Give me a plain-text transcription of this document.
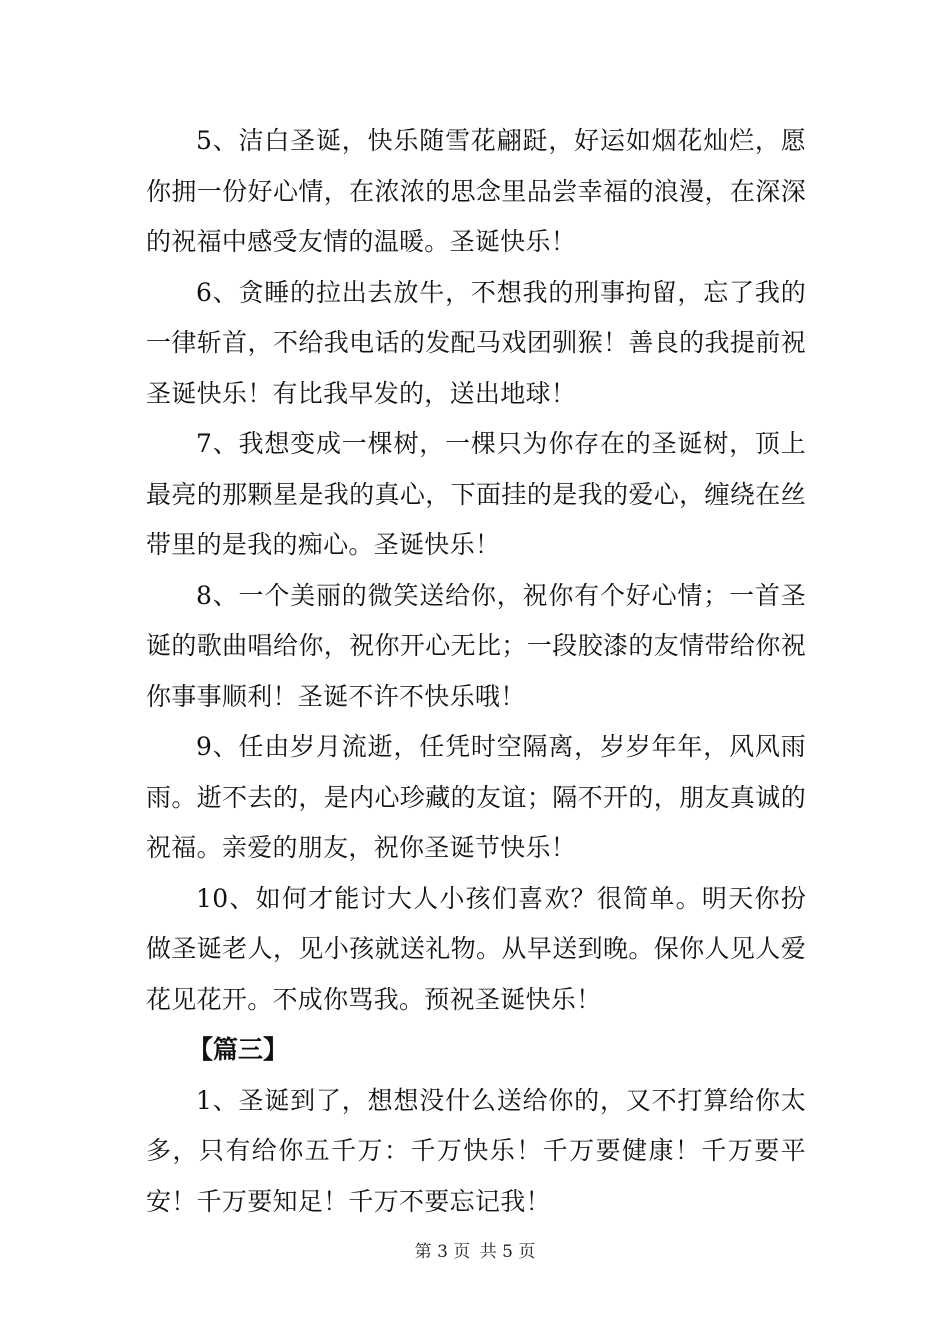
5、洁白圣诞，快乐随雪花翩跹，好运如烟花灿烂，愿你拥一份好心情，在浓浓的思念里品尝幸福的浪漫，在深深的祝福中感受友情的温暖。圣诞快乐！

6、贪睡的拉出去放牛，不想我的刑事拘留，忘了我的一律斩首，不给我电话的发配马戏团驯猴！善良的我提前祝圣诞快乐！有比我早发的，送出地球！

7、我想变成一棵树，一棵只为你存在的圣诞树，顶上最亮的那颗星是我的真心，下面挂的是我的爱心，缠绕在丝带里的是我的痴心。圣诞快乐！

8、一个美丽的微笑送给你，祝你有个好心情；一首圣诞的歌曲唱给你，祝你开心无比；一段胶漆的友情带给你祝你事事顺利！圣诞不许不快乐哦！

9、任由岁月流逝，任凭时空隔离，岁岁年年，风风雨雨。逝不去的，是内心珍藏的友谊；隔不开的，朋友真诚的祝福。亲爱的朋友，祝你圣诞节快乐！

10、如何才能讨大人小孩们喜欢？很简单。明天你扮做圣诞老人，见小孩就送礼物。从早送到晚。保你人见人爱花见花开。不成你骂我。预祝圣诞快乐！

【篇三】

1、圣诞到了，想想没什么送给你的，又不打算给你太多，只有给你五千万：千万快乐！千万要健康！千万要平安！千万要知足！千万不要忘记我！

第 3 页 共 5 页
